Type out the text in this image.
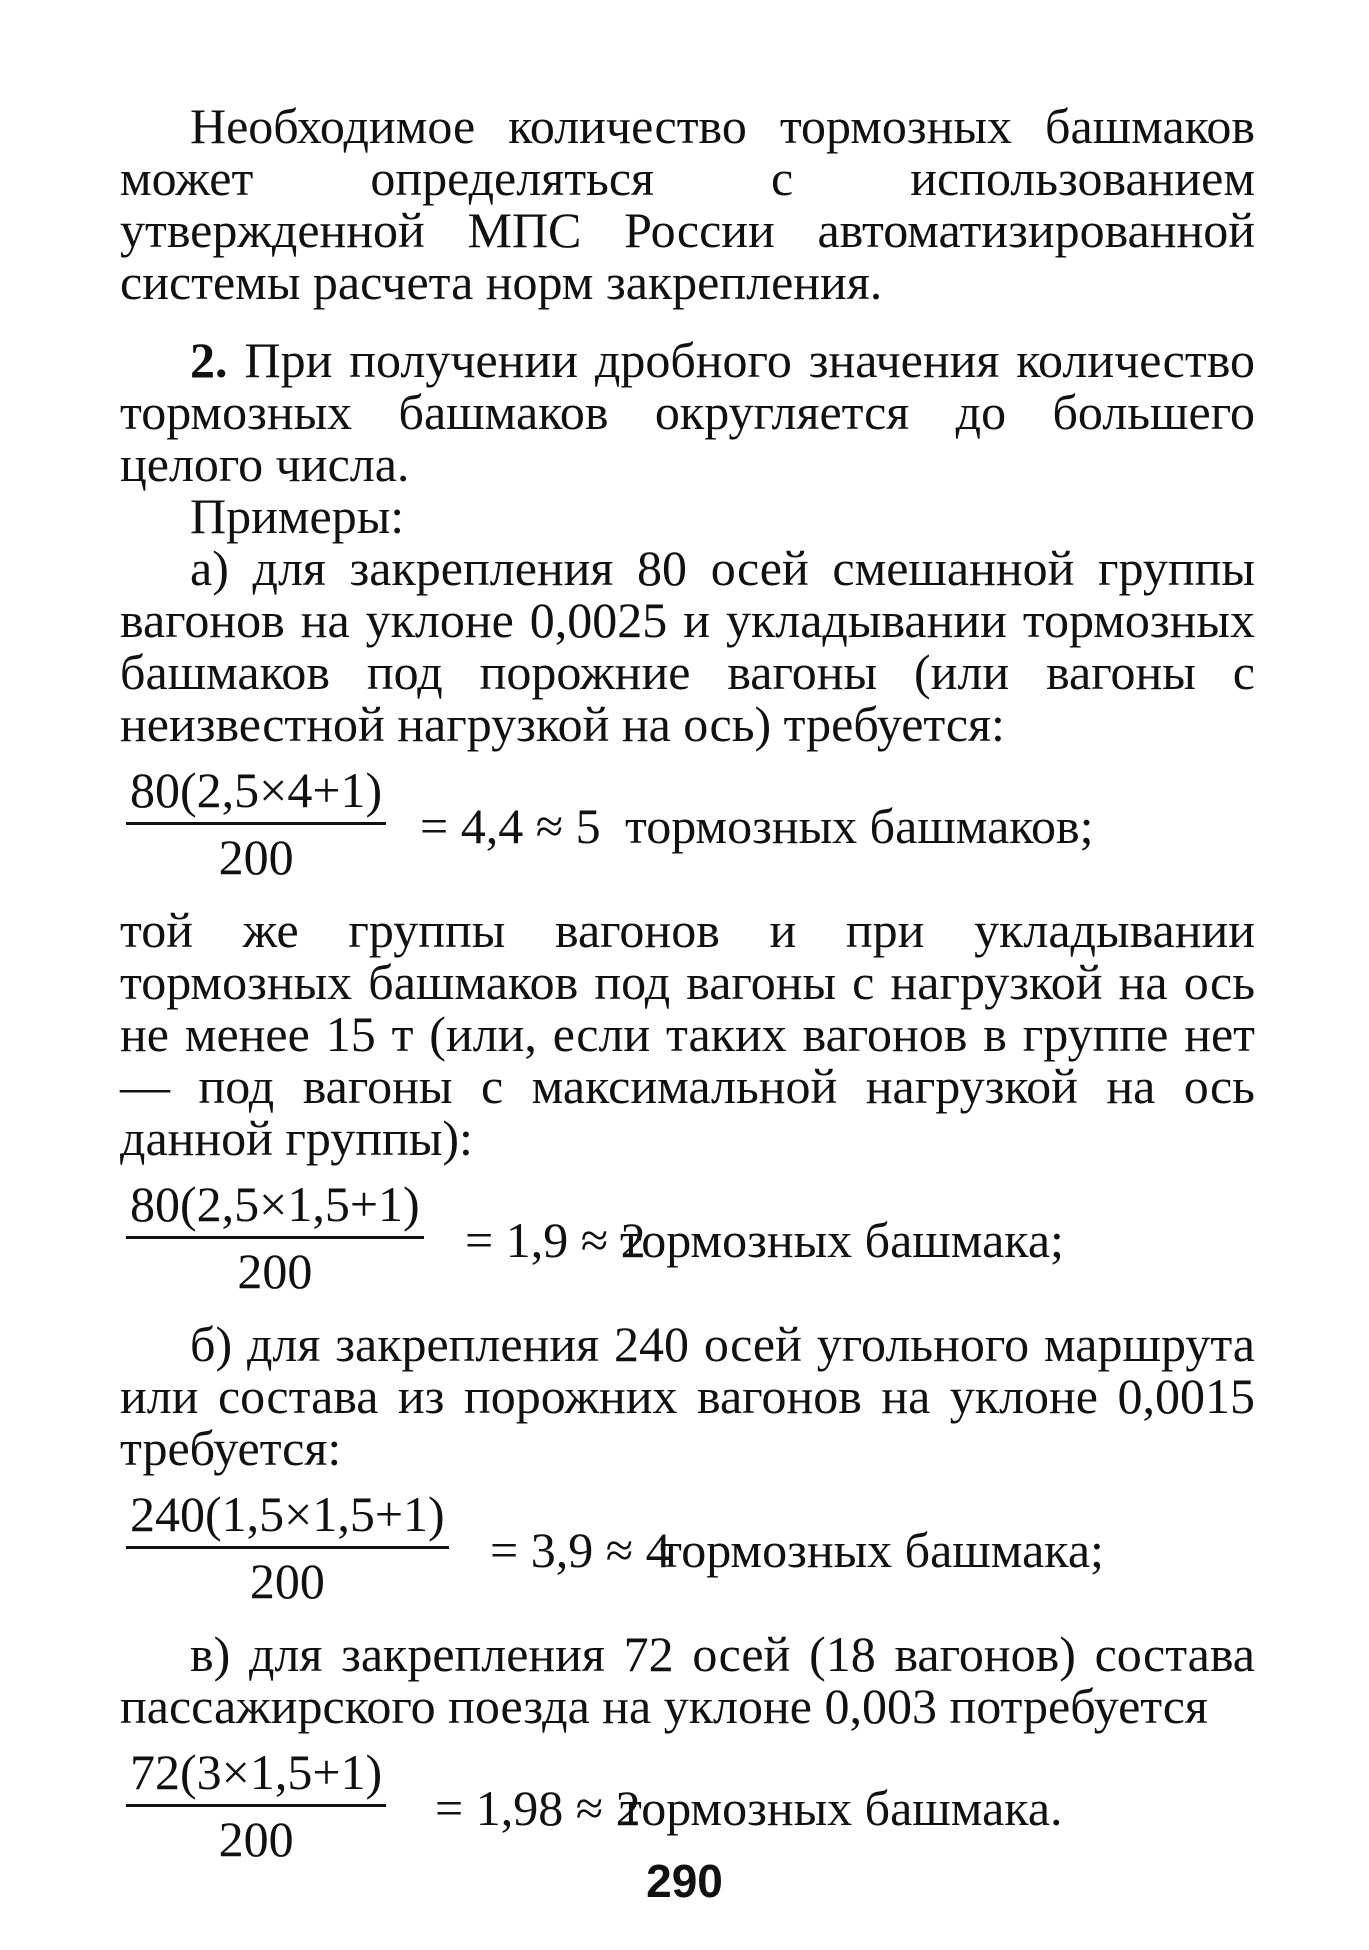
Необходимое количество тормозных башмаков может определяться с использованием утвержденной МПС России автоматизированной системы расчета норм закрепления.

2. При получении дробного значения количество тормозных башмаков округляется до большего целого числа.

Примеры:

а) для закрепления 80 осей смешанной группы вагонов на уклоне 0,0025 и укладывании тормозных башмаков под порожние вагоны (или вагоны с неизвестной нагрузкой на ось) требуется:

80(2,5×4+1)
200
= 4,4 ≈ 5 тормозных башмаков;

той же группы вагонов и при укладывании тормозных башмаков под вагоны с нагрузкой на ось не менее 15 т (или, если таких вагонов в группе нет — под вагоны с максимальной нагрузкой на ось данной группы):

80(2,5×1,5+1)
200
= 1,9 ≈ 2
тормозных башмака;

б) для закрепления 240 осей угольного маршрута или состава из порожних вагонов на уклоне 0,0015 требуется:

240(1,5×1,5+1)
200
= 3,9 ≈ 4
тормозных башмака;

в) для закрепления 72 осей (18 вагонов) состава пассажирского поезда на уклоне 0,003 потребуется

72(3×1,5+1)
200
= 1,98 ≈ 2
тормозных башмака.
290
